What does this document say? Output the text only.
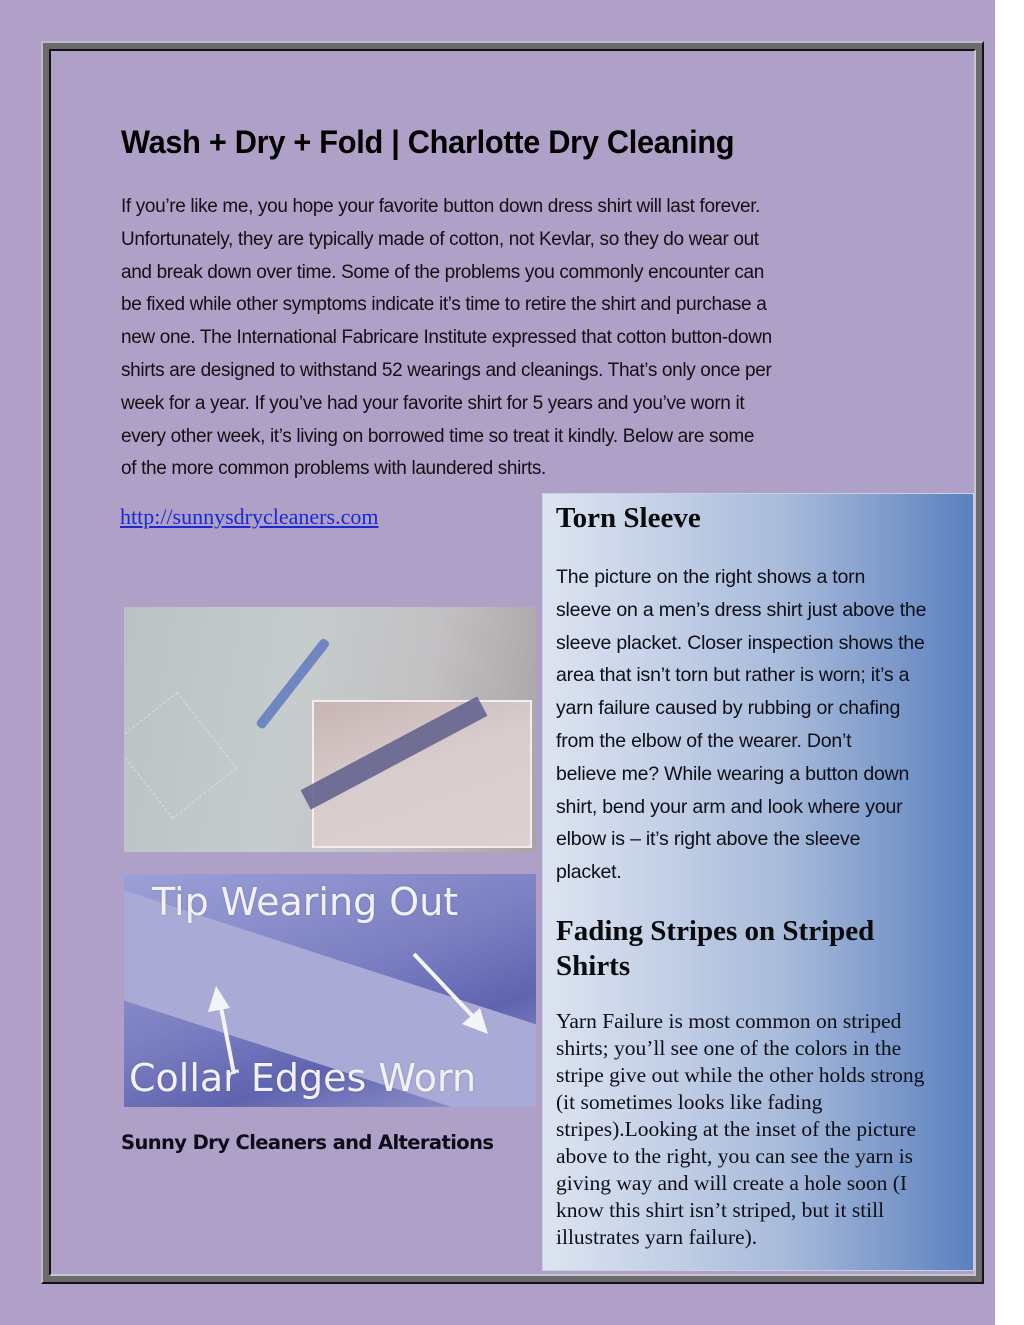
Wash + Dry + Fold | Charlotte Dry Cleaning
If you’re like me, you hope your favorite button down dress shirt will last forever.
Unfortunately, they are typically made of cotton, not Kevlar, so they do wear out
and break down over time. Some of the problems you commonly encounter can
be fixed while other symptoms indicate it’s time to retire the shirt and purchase a
new one. The International Fabricare Institute expressed that cotton button-down
shirts are designed to withstand 52 wearings and cleanings. That’s only once per
week for a year. If you’ve had your favorite shirt for 5 years and you’ve worn it
every other week, it’s living on borrowed time so treat it kindly. Below are some
of the more common problems with laundered shirts.
http://sunnysdrycleaners.com
Tip Wearing Out
Collar Edges Worn
Sunny Dry Cleaners and Alterations
Torn Sleeve
The picture on the right shows a torn
sleeve on a men’s dress shirt just above the
sleeve placket. Closer inspection shows the
area that isn’t torn but rather is worn; it’s a
yarn failure caused by rubbing or chafing
from the elbow of the wearer. Don’t
believe me? While wearing a button down
shirt, bend your arm and look where your
elbow is – it’s right above the sleeve
placket.
Fading Stripes on Striped
Shirts
Yarn Failure is most common on striped
shirts; you’ll see one of the colors in the
stripe give out while the other holds strong
(it sometimes looks like fading
stripes).Looking at the inset of the picture
above to the right, you can see the yarn is
giving way and will create a hole soon (I
know this shirt isn’t striped, but it still
illustrates yarn failure).
